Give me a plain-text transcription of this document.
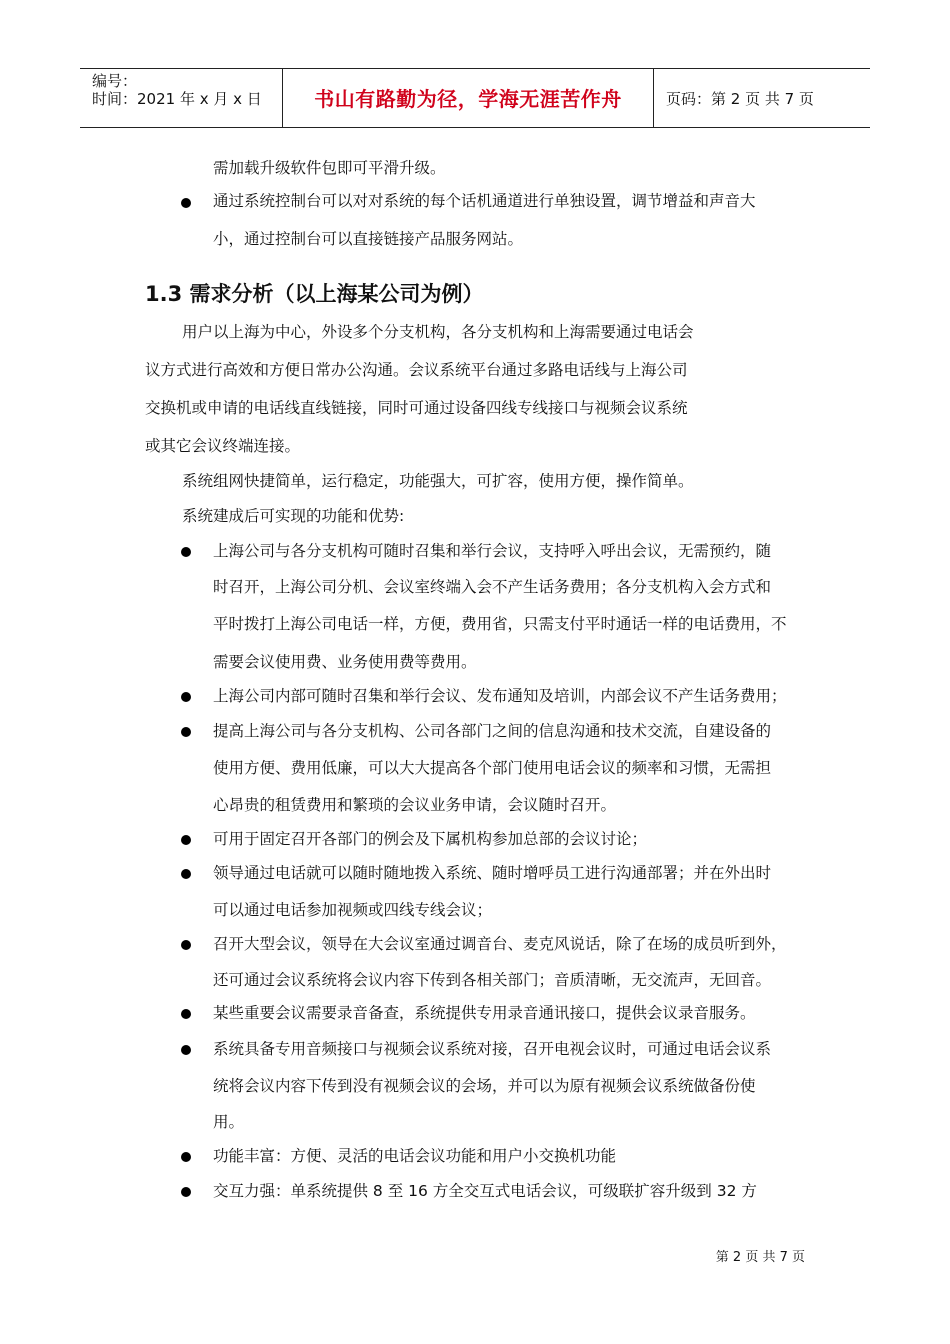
编号：
时间：2021 年 x 月 x 日	书山有路勤为径，学海无涯苦作舟	页码：第 2 页 共 7 页
需加载升级软件包即可平滑升级。
通过系统控制台可以对对系统的每个话机通道进行单独设置，调节增益和声音大
小，通过控制台可以直接链接产品服务网站。
1.3 需求分析（以上海某公司为例）
用户以上海为中心，外设多个分支机构，各分支机构和上海需要通过电话会
议方式进行高效和方便日常办公沟通。会议系统平台通过多路电话线与上海公司
交换机或申请的电话线直线链接，同时可通过设备四线专线接口与视频会议系统
或其它会议终端连接。
系统组网快捷简单，运行稳定，功能强大，可扩容，使用方便，操作简单。
系统建成后可实现的功能和优势:
上海公司与各分支机构可随时召集和举行会议，支持呼入呼出会议，无需预约，随
时召开，上海公司分机、会议室终端入会不产生话务费用；各分支机构入会方式和
平时拨打上海公司电话一样，方便，费用省，只需支付平时通话一样的电话费用，不
需要会议使用费、业务使用费等费用。
上海公司内部可随时召集和举行会议、发布通知及培训，内部会议不产生话务费用；
提高上海公司与各分支机构、公司各部门之间的信息沟通和技术交流，自建设备的
使用方便、费用低廉，可以大大提高各个部门使用电话会议的频率和习惯，无需担
心昂贵的租赁费用和繁琐的会议业务申请，会议随时召开。
可用于固定召开各部门的例会及下属机构参加总部的会议讨论；
领导通过电话就可以随时随地拨入系统、随时增呼员工进行沟通部署；并在外出时
可以通过电话参加视频或四线专线会议；
召开大型会议，领导在大会议室通过调音台、麦克风说话，除了在场的成员听到外，
还可通过会议系统将会议内容下传到各相关部门；音质清晰，无交流声，无回音。
某些重要会议需要录音备查，系统提供专用录音通讯接口，提供会议录音服务。
系统具备专用音频接口与视频会议系统对接，召开电视会议时，可通过电话会议系
统将会议内容下传到没有视频会议的会场，并可以为原有视频会议系统做备份使
用。
功能丰富：方便、灵活的电话会议功能和用户小交换机功能
交互力强：单系统提供 8 至 16 方全交互式电话会议，可级联扩容升级到 32 方
第 2 页 共 7 页
